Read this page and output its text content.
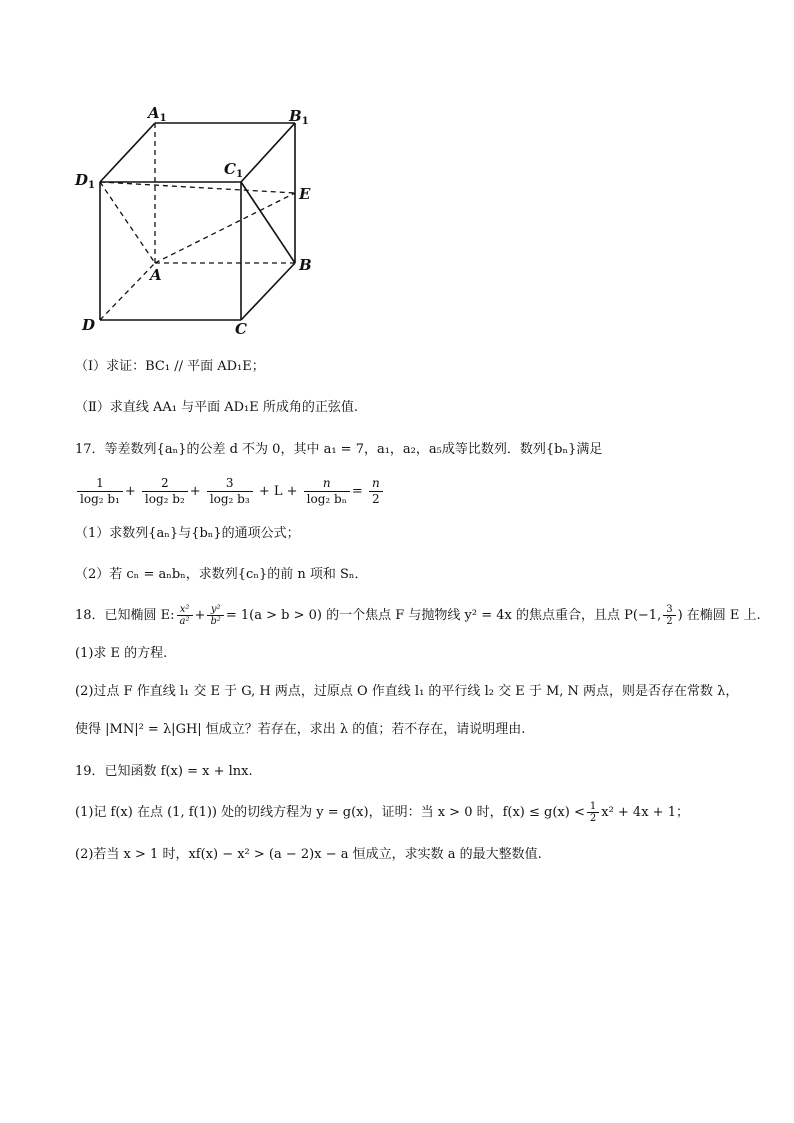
$A_1$	$B_1$
$C_1$
$D_1$	E
A
B
C
D
（Ⅰ）求证：BC₁ // 平面 AD₁E；
（Ⅱ）求直线 AA₁ 与平面 AD₁E 所成角的正弦值.
17．等差数列{aₙ}的公差 d 不为 0，其中 a₁ = 7，a₁，a₂，a₅成等比数列．数列{bₙ}满足
$\frac{1}{\text{log₂ b₁}} + \frac{2}{\text{log₂ b₂}} + \frac{3}{\text{log₂ b₃}} + L + \frac{n}{\text{log₂ bₙ}} = \frac{n}{2}$
（1）求数列{aₙ}与{bₙ}的通项公式；
（2）若 cₙ = aₙbₙ，求数列{cₙ}的前 n 项和 Sₙ．
18．已知椭圆 E: $\frac{\text{x²}}{\text{a²}} + \frac{\text{y²}}{\text{b²}} = 1(a > b > 0)$ 的一个焦点 F 与抛物线 y² = 4x 的焦点重合，且点 P(−1, $\frac{3}{2}$ ) 在椭圆 E 上.
(1)求 E 的方程.
(2)过点 F 作直线 l₁ 交 E 于 G, H 两点，过原点 O 作直线 l₁ 的平行线 l₂ 交 E 于 M, N 两点，则是否存在常数 λ，
使得 |MN|² = λ|GH| 恒成立？若存在，求出 λ 的值；若不存在，请说明理由.
19．已知函数 f(x) = x + lnx.
(1)记 f(x) 在点 (1, f(1)) 处的切线方程为 y = g(x)，证明：当 x > 0 时，$f(x) \le g(x) < \frac{1}{2} x^2 + 4x + 1$；
(2)若当 x > 1 时，xf(x) − x² > (a − 2)x − a 恒成立，求实数 a 的最大整数值.
